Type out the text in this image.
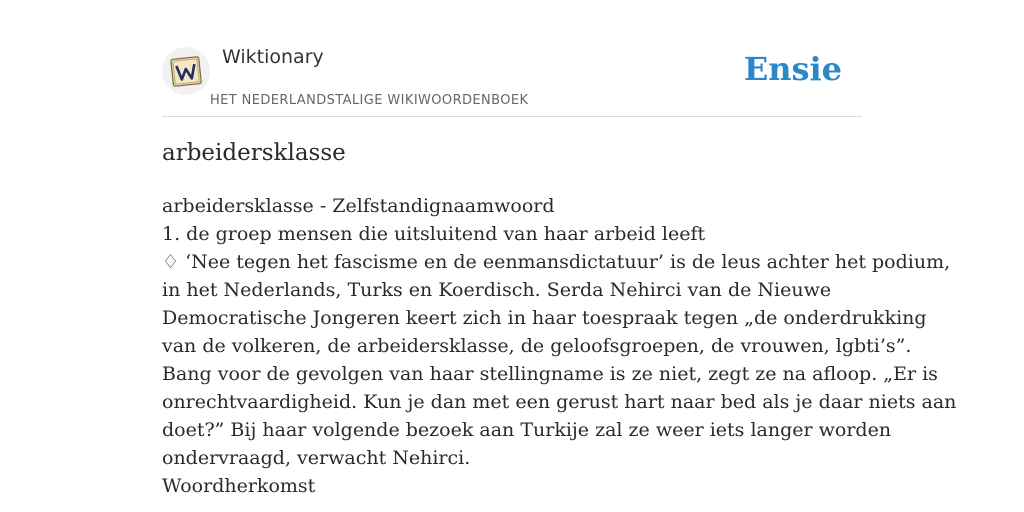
Wiktionary
HET NEDERLANDSTALIGE WIKIWOORDENBOEK
Ensie
arbeidersklasse

arbeidersklasse - Zelfstandignaamwoord

1. de groep mensen die uitsluitend van haar arbeid leeft

♢ ‘Nee tegen het fascisme en de eenmansdictatuur’ is de leus achter het podium,
in het Nederlands, Turks en Koerdisch. Serda Nehirci van de Nieuwe
Democratische Jongeren keert zich in haar toespraak tegen „de onderdrukking
van de volkeren, de arbeidersklasse, de geloofsgroepen, de vrouwen, lgbti’s”.
Bang voor de gevolgen van haar stellingname is ze niet, zegt ze na afloop. „Er is
onrechtvaardigheid. Kun je dan met een gerust hart naar bed als je daar niets aan
doet?” Bij haar volgende bezoek aan Turkije zal ze weer iets langer worden
ondervraagd, verwacht Nehirci.

Woordherkomst
